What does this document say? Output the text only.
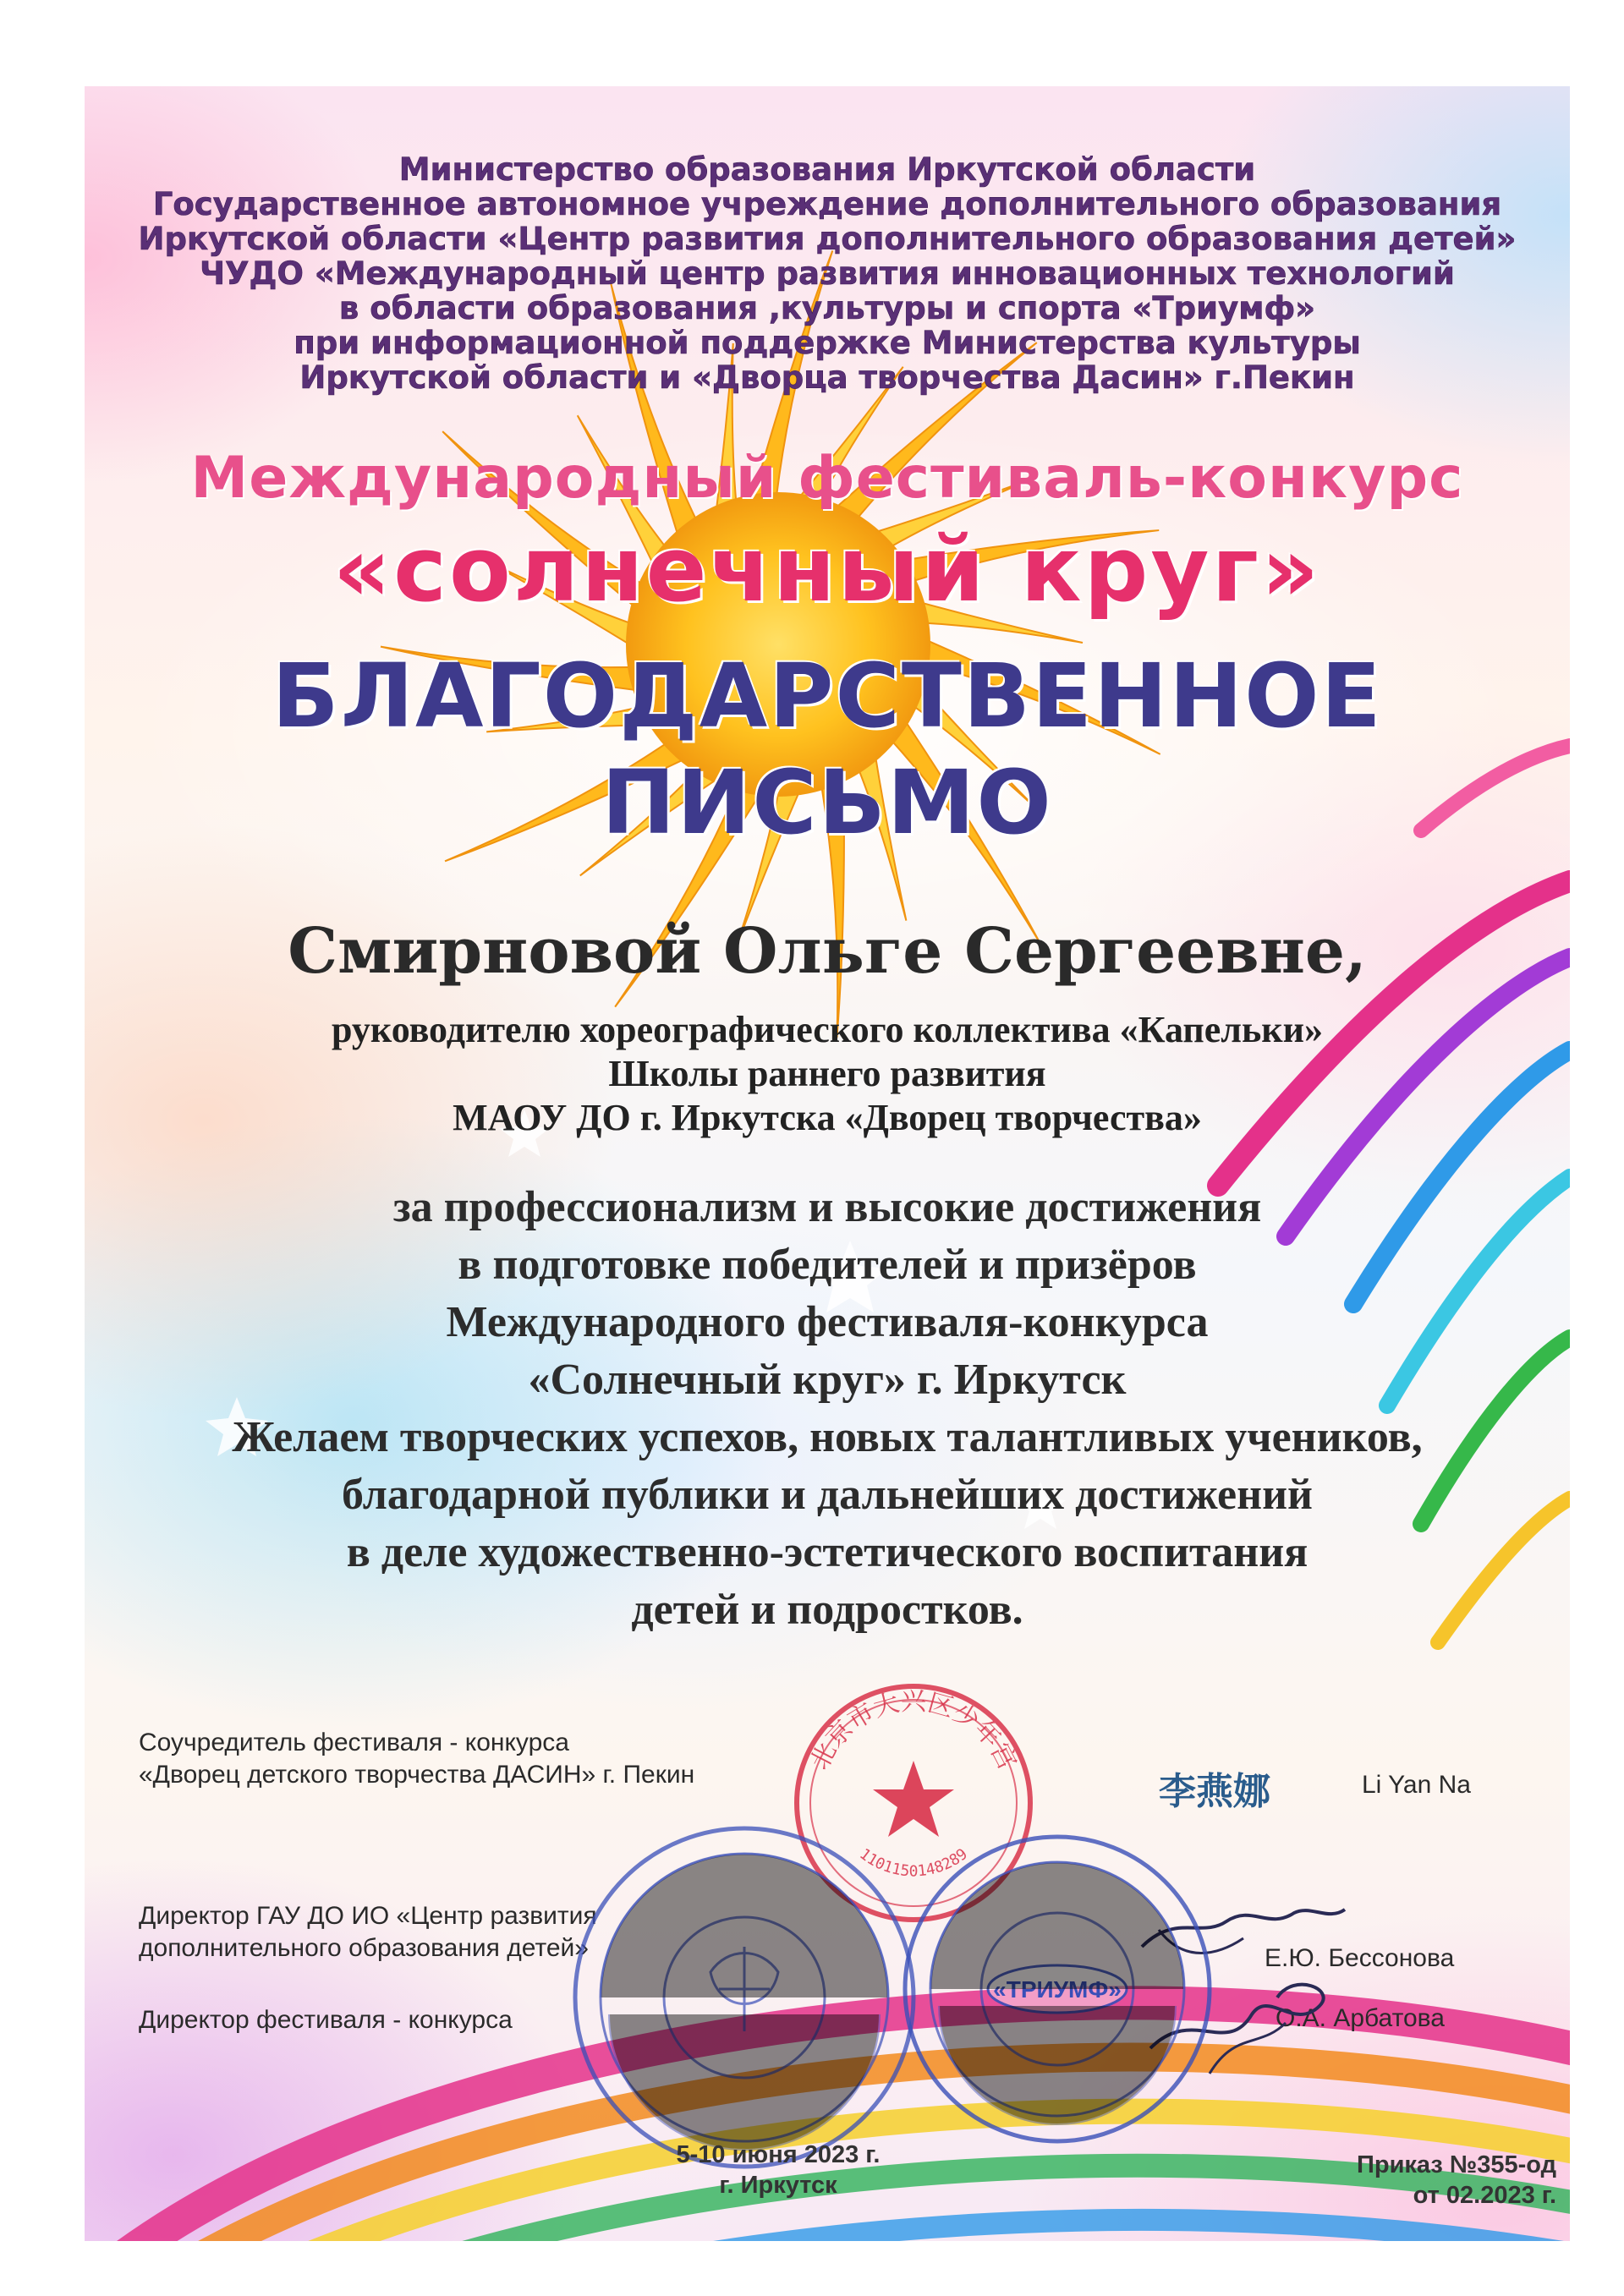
Министерство образования Иркутской области
Государственное автономное учреждение дополнительного образования
Иркутской области «Центр развития дополнительного образования детей»
ЧУДО «Международный центр развития инновационных технологий
в области образования ,культуры и спорта «Триумф»
при информационной поддержке Министерства культуры
Иркутской области и «Дворца творчества Дасин» г.Пекин
Международный фестиваль-конкурс
«солнечный круг»
БЛАГОДАРСТВЕННОЕ
ПИСЬМО
Смирновой Ольге Сергеевне,
руководителю хореографического коллектива «Капельки»
Школы раннего развития
МАОУ ДО г. Иркутска «Дворец творчества»
за профессионализм и высокие достижения
в подготовке победителей и призёров
Международного фестиваля-конкурса
«Солнечный круг» г. Иркутск
Желаем творческих успехов, новых талантливых учеников,
благодарной публики и дальнейших достижений
в деле художественно-эстетического воспитания
детей и подростков.
Соучредитель фестиваля - конкурса
«Дворец детского творчества ДАСИН» г. Пекин	李燕娜	Li Yan Na
Директор ГАУ ДО ИО «Центр развития
дополнительного образования детей»	Е.Ю. Бессонова
Директор фестиваля - конкурса	О.А. Арбатова
北京市大兴区少年宫
110115014828​9
«ТРИУМФ»
5-10 июня 2023 г.
г. Иркутск
Приказ №355-од
от 02.2023 г.
